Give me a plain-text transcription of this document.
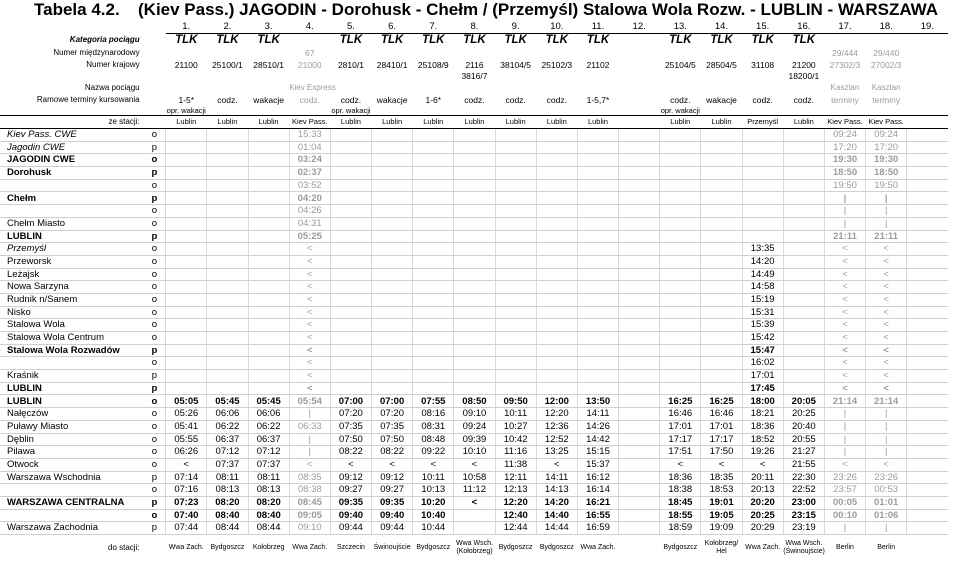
Tabela 4.2. (Kiev Pass.) JAGODIN - Dorohusk - Chełm / (Przemyśl) Stalowa Wola Rozw. - LUBLIN - WARSZAWA
		1.	2.	3.	4.	5.	6.	7.	8.	9.	10.	11.	12.	13.	14.	15.	16.	17.	18.	19.
Kategoria pociągu		TLK	TLK	TLK		TLK	TLK	TLK	TLK	TLK	TLK	TLK		TLK	TLK	TLK	TLK			
Numer międzynarodowy					67													29/444	29/440	
Numer krajowy		21100	25100/1	28510/1	21000	2810/1	28410/1	25108/9	2116	38104/5	25102/3	21102		25104/5	28504/5	31108	21200	27302/3	27002/3	
									3816/7								18200/1			
Nazwa pociągu					Kiev Express													Kasztan	Kasztan	
Ramowe terminy kursowania		1-5*	codz.	wakacje	codz.	codz.	wakacje	1-6*	codz.	codz.	codz.	1-5,7*		codz.	wakacje	codz.	codz.	terminy	terminy	
		opr. wakacji				opr. wakacji								opr. wakacji						
ze stacji:		Lublin	Lublin	Lublin	Kiev Pass.	Lublin	Lublin	Lublin	Lublin	Lublin	Lublin	Lublin		Lublin	Lublin	Przemyśl	Lublin	Kiev Pass.	Kiev Pass.	
Kiev Pass. CWE	o				15:33													09:24	09:24	
Jagodin CWE	p				01:04													17:20	17:20	
JAGODIN CWE	o				03:24													19:30	19:30	
Dorohusk	p				02:37													18:50	18:50	
	o				03:52													19:50	19:50	
Chełm	p				04:20													|	|	
	o				04:26													|	|	
Chełm Miasto	o				04:31													|	|	
LUBLIN	p				05:25													21:11	21:11	
Przemyśl	o				<											13:35		<	<	
Przeworsk	o				<											14:20		<	<	
Leżajsk	o				<											14:49		<	<	
Nowa Sarzyna	o				<											14:58		<	<	
Rudnik n/Sanem	o				<											15:19		<	<	
Nisko	o				<											15:31		<	<	
Stalowa Wola	o				<											15:39		<	<	
Stalowa Wola Centrum	o				<											15:42		<	<	
Stalowa Wola Rozwadów	p				<											15:47		<	<	
	o				<											16:02		<	<	
Kraśnik	p				<											17:01		<	<	
LUBLIN	p				<											17:45		<	<	
LUBLIN	o	05:05	05:45	05:45	05:54	07:00	07:00	07:55	08:50	09:50	12:00	13:50		16:25	16:25	18:00	20:05	21:14	21:14	
Nałęczów	o	05:26	06:06	06:06	|	07:20	07:20	08:16	09:10	10:11	12:20	14:11		16:46	16:46	18:21	20:25	|	|	
Puławy Miasto	o	05:41	06:22	06:22	06:33	07:35	07:35	08:31	09:24	10:27	12:36	14:26		17:01	17:01	18:36	20:40	|	|	
Dęblin	o	05:55	06:37	06:37	|	07:50	07:50	08:48	09:39	10:42	12:52	14:42		17:17	17:17	18:52	20:55	|	|	
Pilawa	o	06:26	07:12	07:12	|	08:22	08:22	09:22	10:10	11:16	13:25	15:15		17:51	17:50	19:26	21:27	|	|	
Otwock	o	<	07:37	07:37	<	<	<	<	<	11:38	<	15:37		<	<	<	21:55	<	<	
Warszawa Wschodnia	p	07:14	08:11	08:11	08:35	09:12	09:12	10:11	10:58	12:11	14:11	16:12		18:36	18:35	20:11	22:30	23:26	23:26	
	o	07:16	08:13	08:13	08:38	09:27	09:27	10:13	11:12	12:13	14:13	16:14		18:38	18:53	20:13	22:52	23:57	00:53	
WARSZAWA CENTRALNA	p	07:23	08:20	08:20	08:45	09:35	09:35	10:20	<	12:20	14:20	16:21		18:45	19:01	20:20	23:00	00:05	01:01	
	o	07:40	08:40	08:40	09:05	09:40	09:40	10:40		12:40	14:40	16:55		18:55	19:05	20:25	23:15	00:10	01:06	
Warszawa Zachodnia	p	07:44	08:44	08:44	09:10	09:44	09:44	10:44		12:44	14:44	16:59		18:59	19:09	20:29	23:19	|	|	
do stacji:		Wwa Zach.	Bydgoszcz	Kołobrzeg	Wwa Zach.	Szczecin	Świnoujście	Bydgoszcz	Wwa Wsch. (Kołobrzeg)	Bydgoszcz	Bydgoszcz	Wwa Zach.		Bydgoszcz	Kołobrzeg/ Hel	Wwa Zach.	Wwa Wsch. (Świnoujście)	Berlin	Berlin	
